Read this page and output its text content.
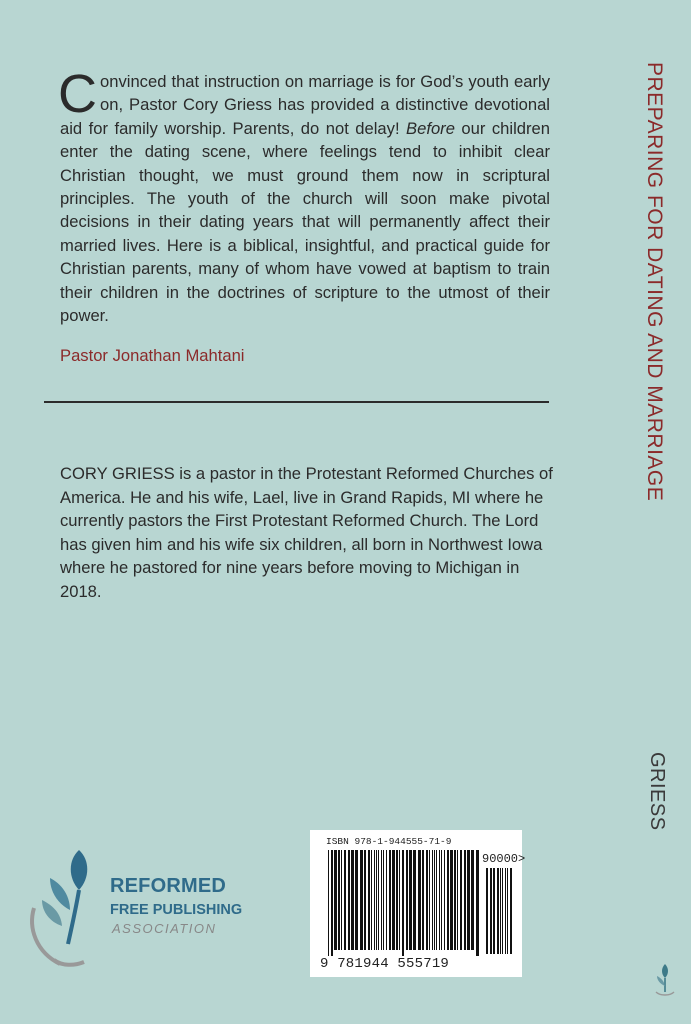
Convinced that instruction on marriage is for God’s youth early on, Pastor Cory Griess has provided a distinctive devotional aid for family worship. Parents, do not delay! Before our children enter the dating scene, where feelings tend to inhibit clear Christian thought, we must ground them now in scriptural principles. The youth of the church will soon make pivotal decisions in their dating years that will permanently affect their married lives. Here is a biblical, insightful, and practical guide for Christian parents, many of whom have vowed at baptism to train their children in the doctrines of scripture to the utmost of their power.
Pastor Jonathan Mahtani
CORY GRIESS is a pastor in the Protestant Reformed Churches of America. He and his wife, Lael, live in Grand Rapids, MI where he currently pastors the First Protestant Reformed Church. The Lord has given him and his wife six children, all born in Northwest Iowa where he pastored for nine years before moving to Michigan in 2018.
PREPARING FOR DATING AND MARRIAGE
GRIESS
REFORMED
FREE PUBLISHING
ASSOCIATION
ISBN 978-1-944555-71-9
90000>
9 781944 555719
